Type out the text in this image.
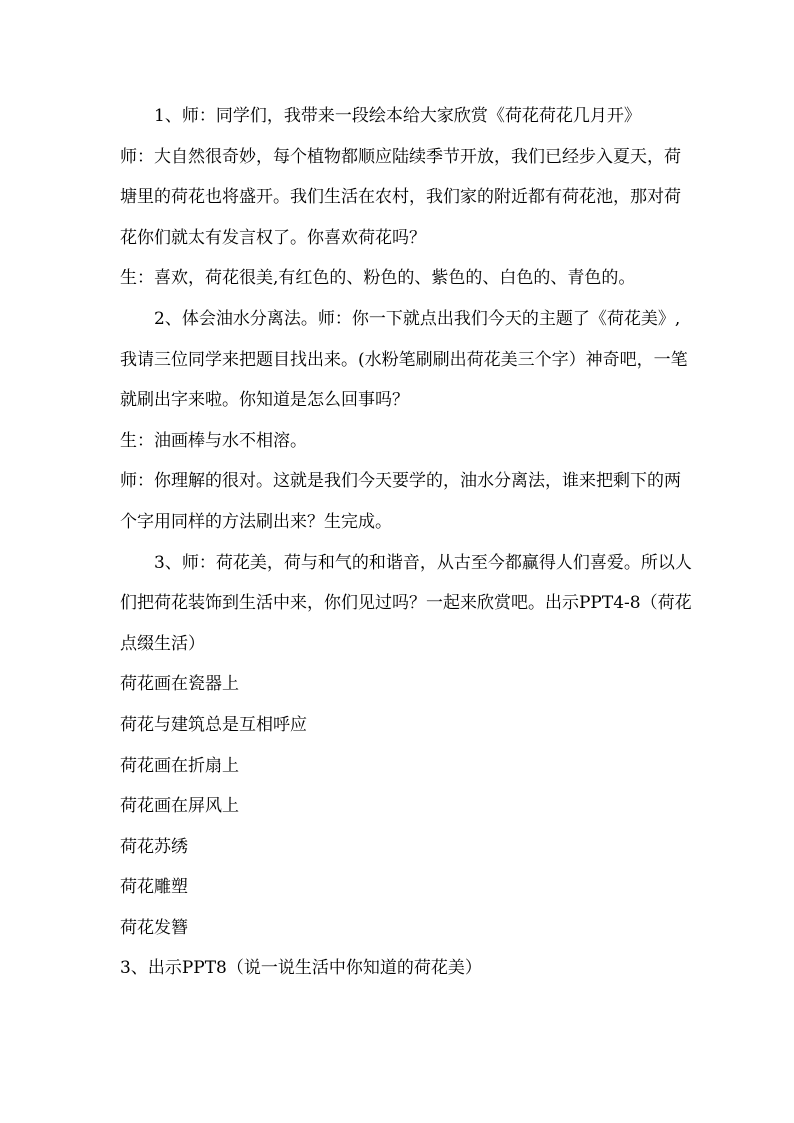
1、师：同学们，我带来一段绘本给大家欣赏《荷花荷花几月开》

师：大自然很奇妙，每个植物都顺应陆续季节开放，我们已经步入夏天，荷塘里的荷花也将盛开。我们生活在农村，我们家的附近都有荷花池，那对荷花你们就太有发言权了。你喜欢荷花吗？

生：喜欢，荷花很美,有红色的、粉色的、紫色的、白色的、青色的。

2、体会油水分离法。师：你一下就点出我们今天的主题了《荷花美》,我请三位同学来把题目找出来。(水粉笔刷刷出荷花美三个字）神奇吧，一笔就刷出字来啦。你知道是怎么回事吗？

生：油画棒与水不相溶。

师：你理解的很对。这就是我们今天要学的，油水分离法，谁来把剩下的两个字用同样的方法刷出来？生完成。

3、师：荷花美，荷与和气的和谐音，从古至今都赢得人们喜爱。所以人们把荷花装饰到生活中来，你们见过吗？一起来欣赏吧。出示PPT4-8（荷花点缀生活）

荷花画在瓷器上

荷花与建筑总是互相呼应

荷花画在折扇上

荷花画在屏风上

荷花苏绣

荷花雕塑

荷花发簪

3、出示PPT8（说一说生活中你知道的荷花美）
